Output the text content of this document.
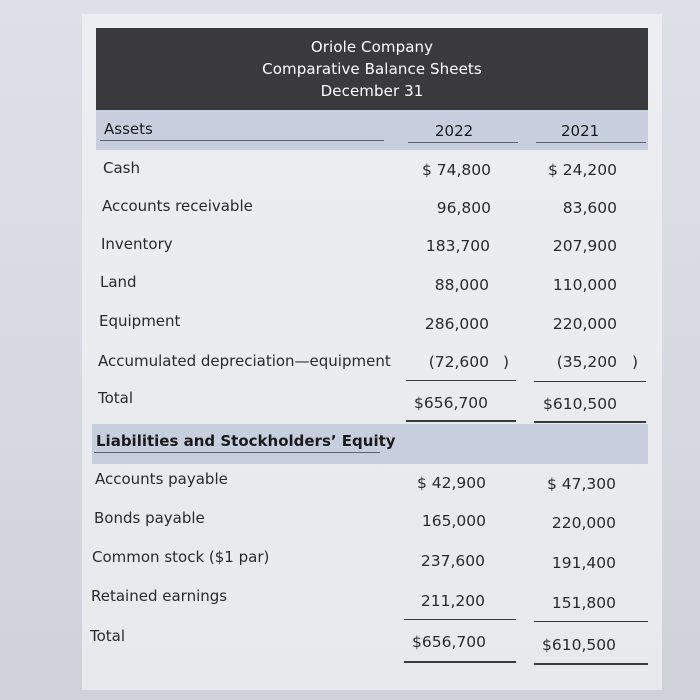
Oriole Company
Comparative Balance Sheets
December 31
Assets	2022	2021
Cash	$ 74,800	$ 24,200
Accounts receivable	96,800	83,600
Inventory	183,700	207,900
Land	88,000	110,000
Equipment	286,000	220,000
Accumulated depreciation—equipment (72,600 )	(35,200 )
Total	$656,700	$610,500
Liabilities and Stockholders’ Equity
Accounts payable	$ 42,900	$ 47,300
Bonds payable	165,000	220,000
Common stock ($1 par)	237,600	191,400
Retained earnings	211,200	151,800
Total	$656,700	$610,500
